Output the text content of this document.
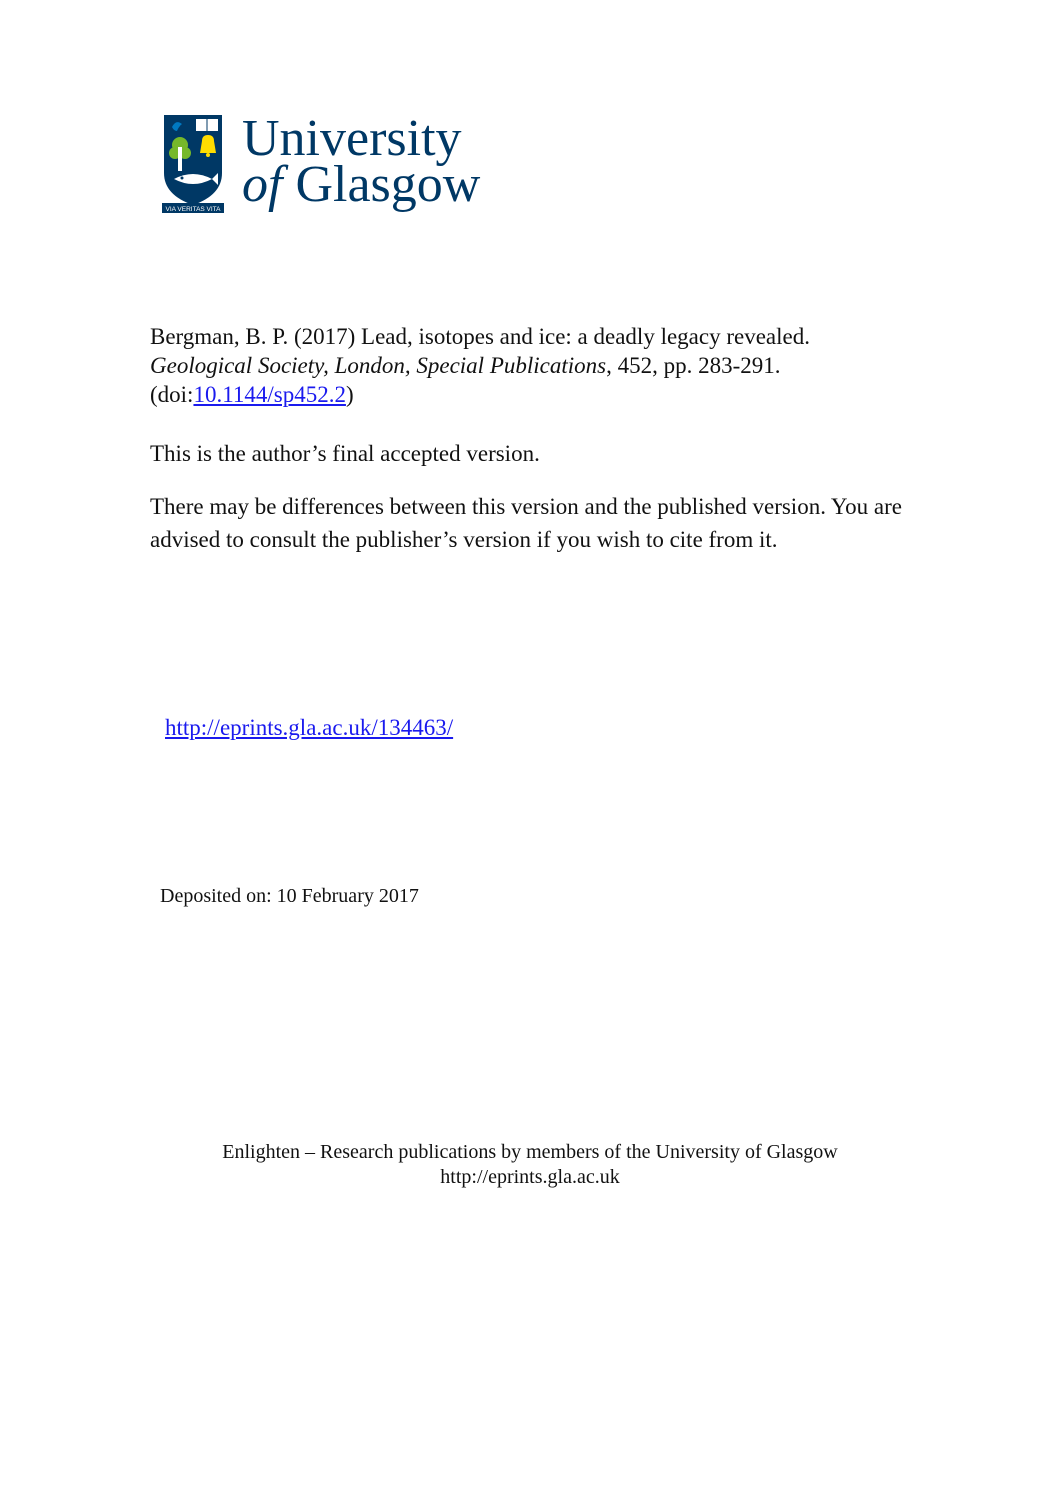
VIA VERITAS VITA
University
of Glasgow
Bergman, B. P. (2017) Lead, isotopes and ice: a deadly legacy revealed.
Geological Society, London, Special Publications, 452, pp. 283-291.
(doi:10.1144/sp452.2)
This is the author’s final accepted version.
There may be differences between this version and the published version. You are advised to consult the publisher’s version if you wish to cite from it.
http://eprints.gla.ac.uk/134463/
Deposited on: 10 February 2017
Enlighten – Research publications by members of the University of Glasgow
http://eprints.gla.ac.uk
